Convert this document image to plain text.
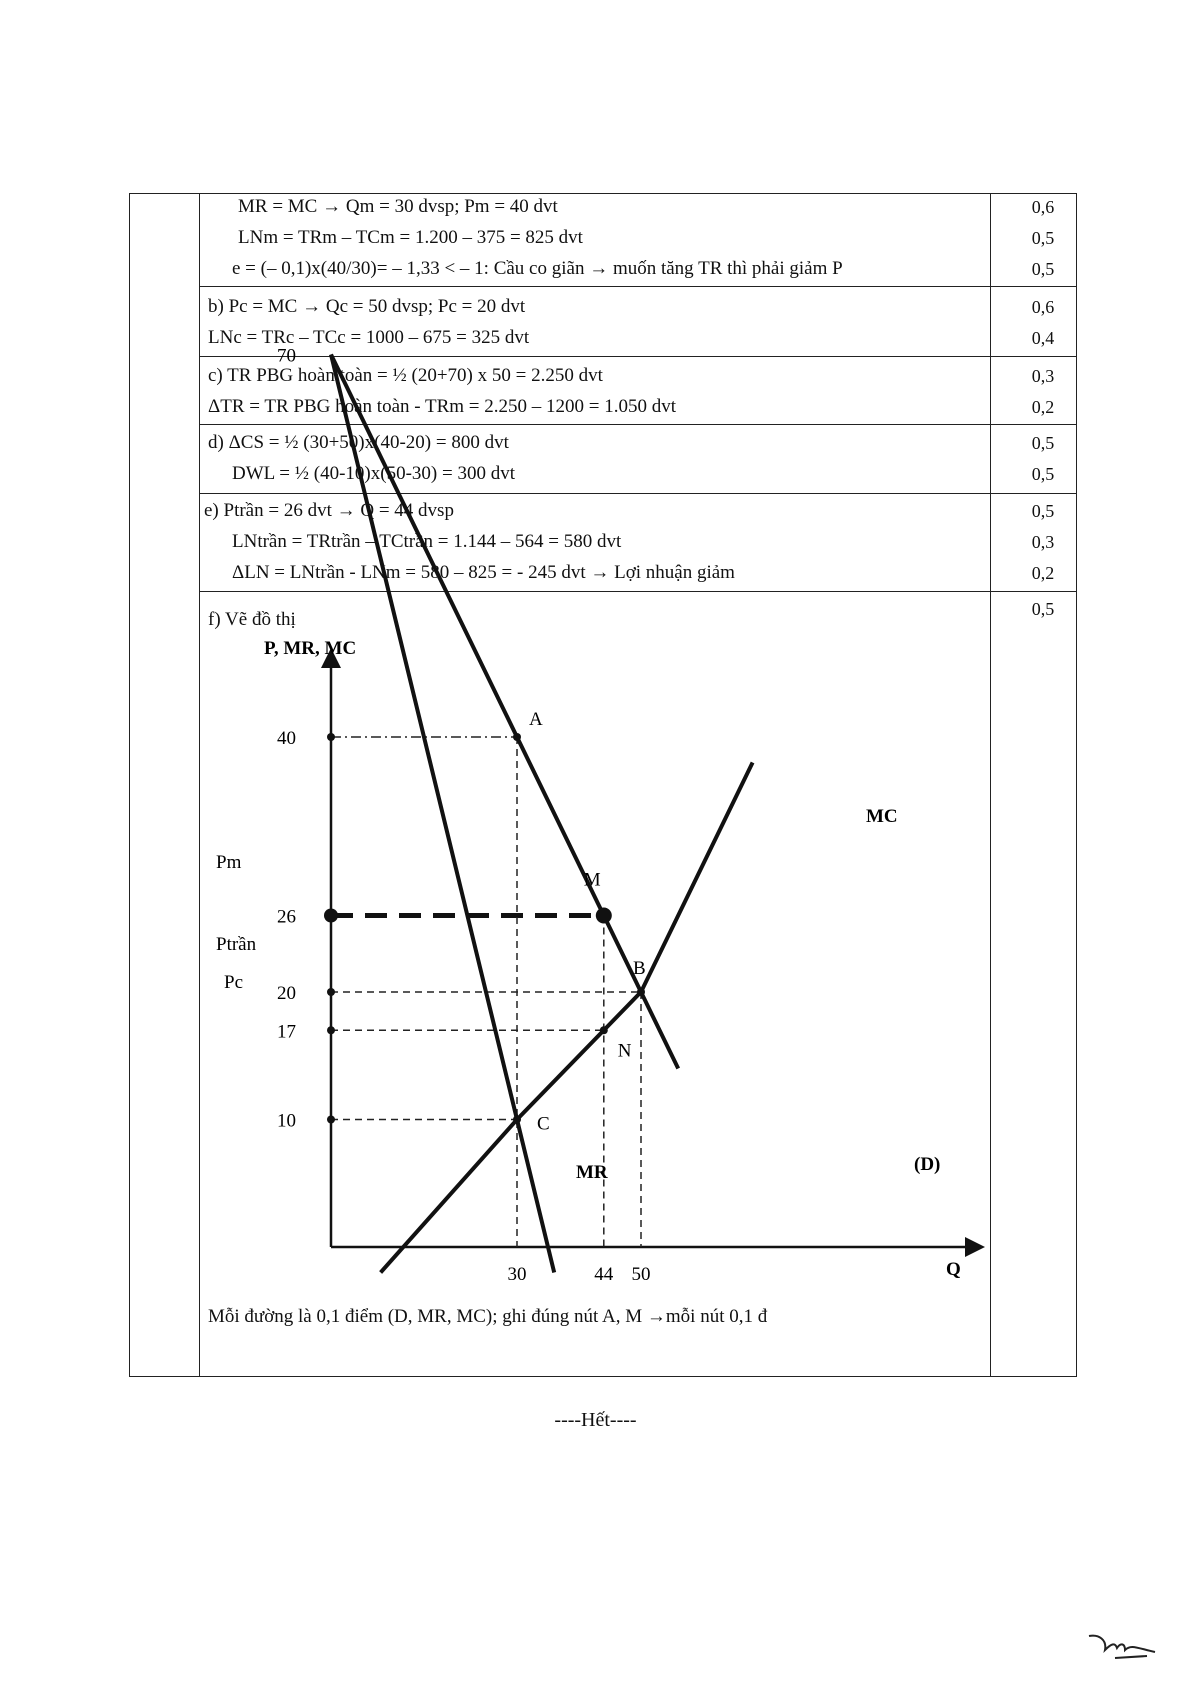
MR = MC → Qm = 30 dvsp; Pm = 40 dvt
LNm = TRm – TCm = 1.200 – 375 = 825 dvt
e = (– 0,1)x(40/30)= – 1,33 < – 1: Cầu co giãn → muốn tăng TR thì phải giảm P
0,6
0,5
0,5
b) Pc = MC → Qc = 50 dvsp; Pc = 20 dvt
LNc = TRc – TCc = 1000 – 675 = 325 dvt
0,6
0,4
c) TR PBG hoàn toàn = ½ (20+70) x 50 = 2.250 dvt
ΔTR = TR PBG hoàn toàn - TRm = 2.250 – 1200 = 1.050 dvt
0,3
0,2
d) ΔCS = ½ (30+50)x(40-20) = 800 dvt
DWL = ½ (40-10)x(50-30) = 300 dvt
0,5
0,5
e) Ptrần = 26 dvt → Q = 44 dvsp
LNtrần = TRtrần – TCtrần = 1.144 – 564 = 580 dvt
ΔLN = LNtrần - LNm = 580 – 825 = - 245 dvt → Lợi nhuận giảm
0,5
0,3
0,2
f) Vẽ đồ thị	0,5
Mỗi đường là 0,1 điểm (D, MR, MC); ghi đúng nút A, M →mỗi nút 0,1 đ
P, MR, MC
Q
70
40
26
20
17
10
30	44 50
A
M
B
N
C
Pm
Ptrần
Pc
MC
(D)
MR
----Hết----
